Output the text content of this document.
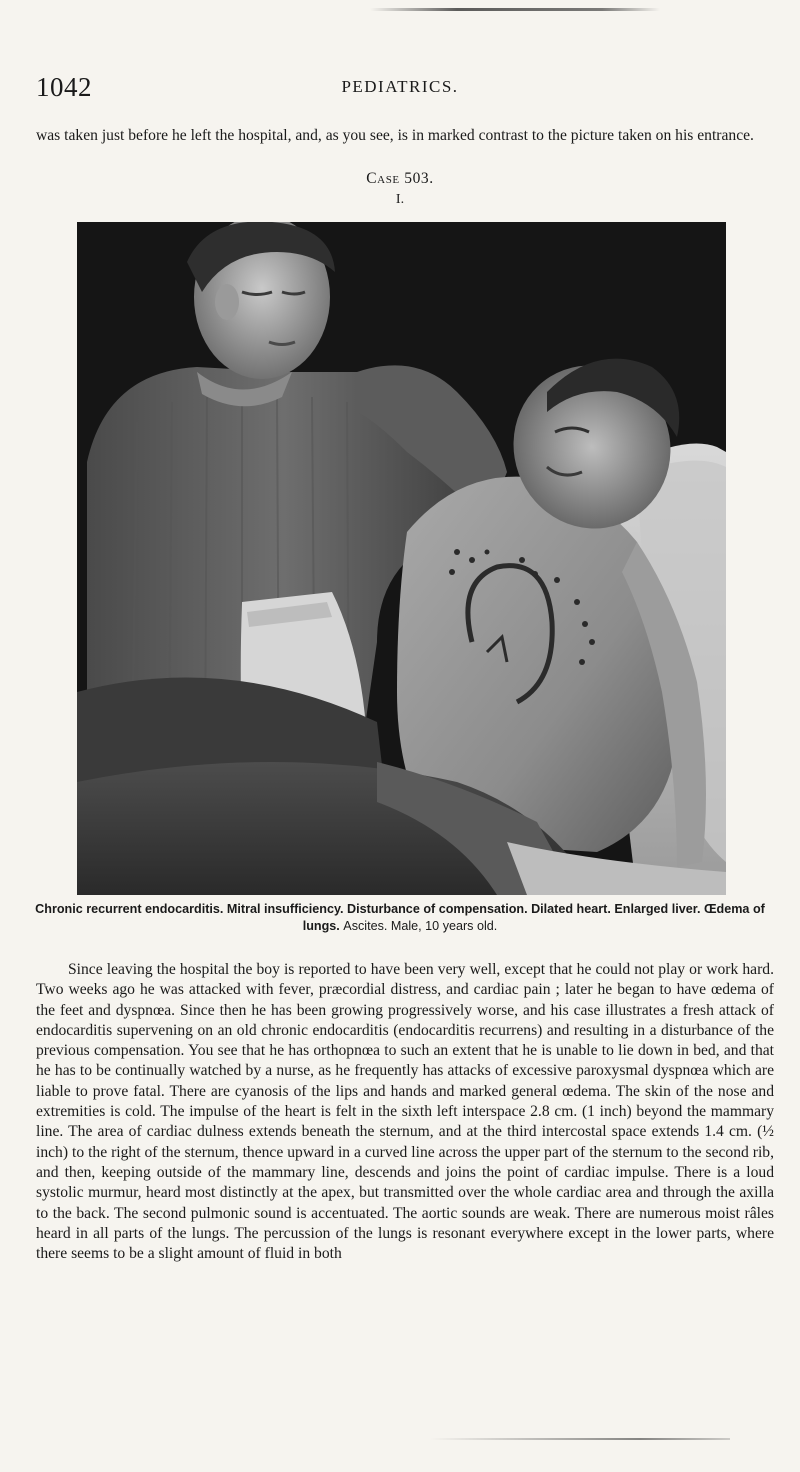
1042	PEDIATRICS.

was taken just before he left the hospital, and, as you see, is in marked contrast to the picture taken on his entrance.

Case 503.
I.
Chronic recurrent endocarditis. Mitral insufficiency. Disturbance of compensation. Dilated heart. Enlarged liver. Œdema of lungs. Ascites. Male, 10 years old.

Since leaving the hospital the boy is reported to have been very well, except that he could not play or work hard. Two weeks ago he was attacked with fever, præcordial distress, and cardiac pain ; later he began to have œdema of the feet and dyspnœa. Since then he has been growing progressively worse, and his case illustrates a fresh attack of endocarditis supervening on an old chronic endocarditis (endocarditis recurrens) and resulting in a disturbance of the previous compensation. You see that he has orthopnœa to such an extent that he is unable to lie down in bed, and that he has to be continually watched by a nurse, as he frequently has attacks of excessive paroxysmal dyspnœa which are liable to prove fatal. There are cyanosis of the lips and hands and marked general œdema. The skin of the nose and extremities is cold. The impulse of the heart is felt in the sixth left interspace 2.8 cm. (1 inch) beyond the mammary line. The area of cardiac dulness extends beneath the sternum, and at the third intercostal space extends 1.4 cm. (½ inch) to the right of the sternum, thence upward in a curved line across the upper part of the sternum to the second rib, and then, keeping outside of the mammary line, descends and joins the point of cardiac impulse. There is a loud systolic murmur, heard most distinctly at the apex, but transmitted over the whole cardiac area and through the axilla to the back. The second pulmonic sound is accentuated. The aortic sounds are weak. There are numerous moist râles heard in all parts of the lungs. The percussion of the lungs is resonant everywhere except in the lower parts, where there seems to be a slight amount of fluid in both
